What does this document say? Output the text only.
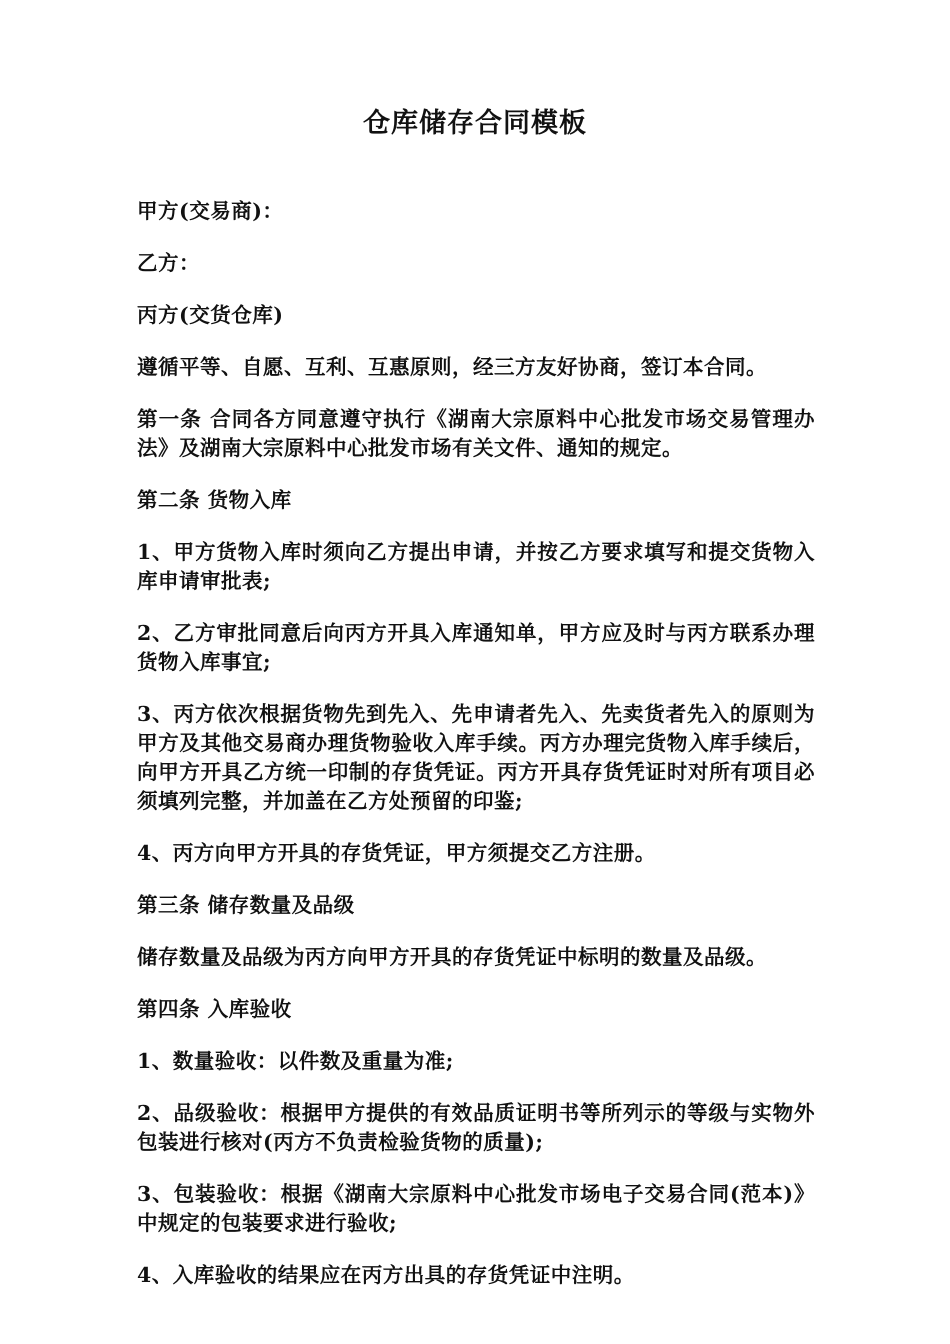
仓库储存合同模板

甲方(交易商)：

乙方：

丙方(交货仓库)

遵循平等、自愿、互利、互惠原则，经三方友好协商，签订本合同。

第一条 合同各方同意遵守执行《湖南大宗原料中心批发市场交易管理办法》及湖南大宗原料中心批发市场有关文件、通知的规定。

第二条 货物入库

1、甲方货物入库时须向乙方提出申请，并按乙方要求填写和提交货物入库申请审批表;

2、乙方审批同意后向丙方开具入库通知单，甲方应及时与丙方联系办理货物入库事宜;

3、丙方依次根据货物先到先入、先申请者先入、先卖货者先入的原则为甲方及其他交易商办理货物验收入库手续。丙方办理完货物入库手续后，向甲方开具乙方统一印制的存货凭证。丙方开具存货凭证时对所有项目必须填列完整，并加盖在乙方处预留的印鉴;

4、丙方向甲方开具的存货凭证，甲方须提交乙方注册。

第三条 储存数量及品级

储存数量及品级为丙方向甲方开具的存货凭证中标明的数量及品级。

第四条 入库验收

1、数量验收：以件数及重量为准;

2、品级验收：根据甲方提供的有效品质证明书等所列示的等级与实物外包装进行核对(丙方不负责检验货物的质量);

3、包装验收：根据《湖南大宗原料中心批发市场电子交易合同(范本)》中规定的包装要求进行验收;

4、入库验收的结果应在丙方出具的存货凭证中注明。
